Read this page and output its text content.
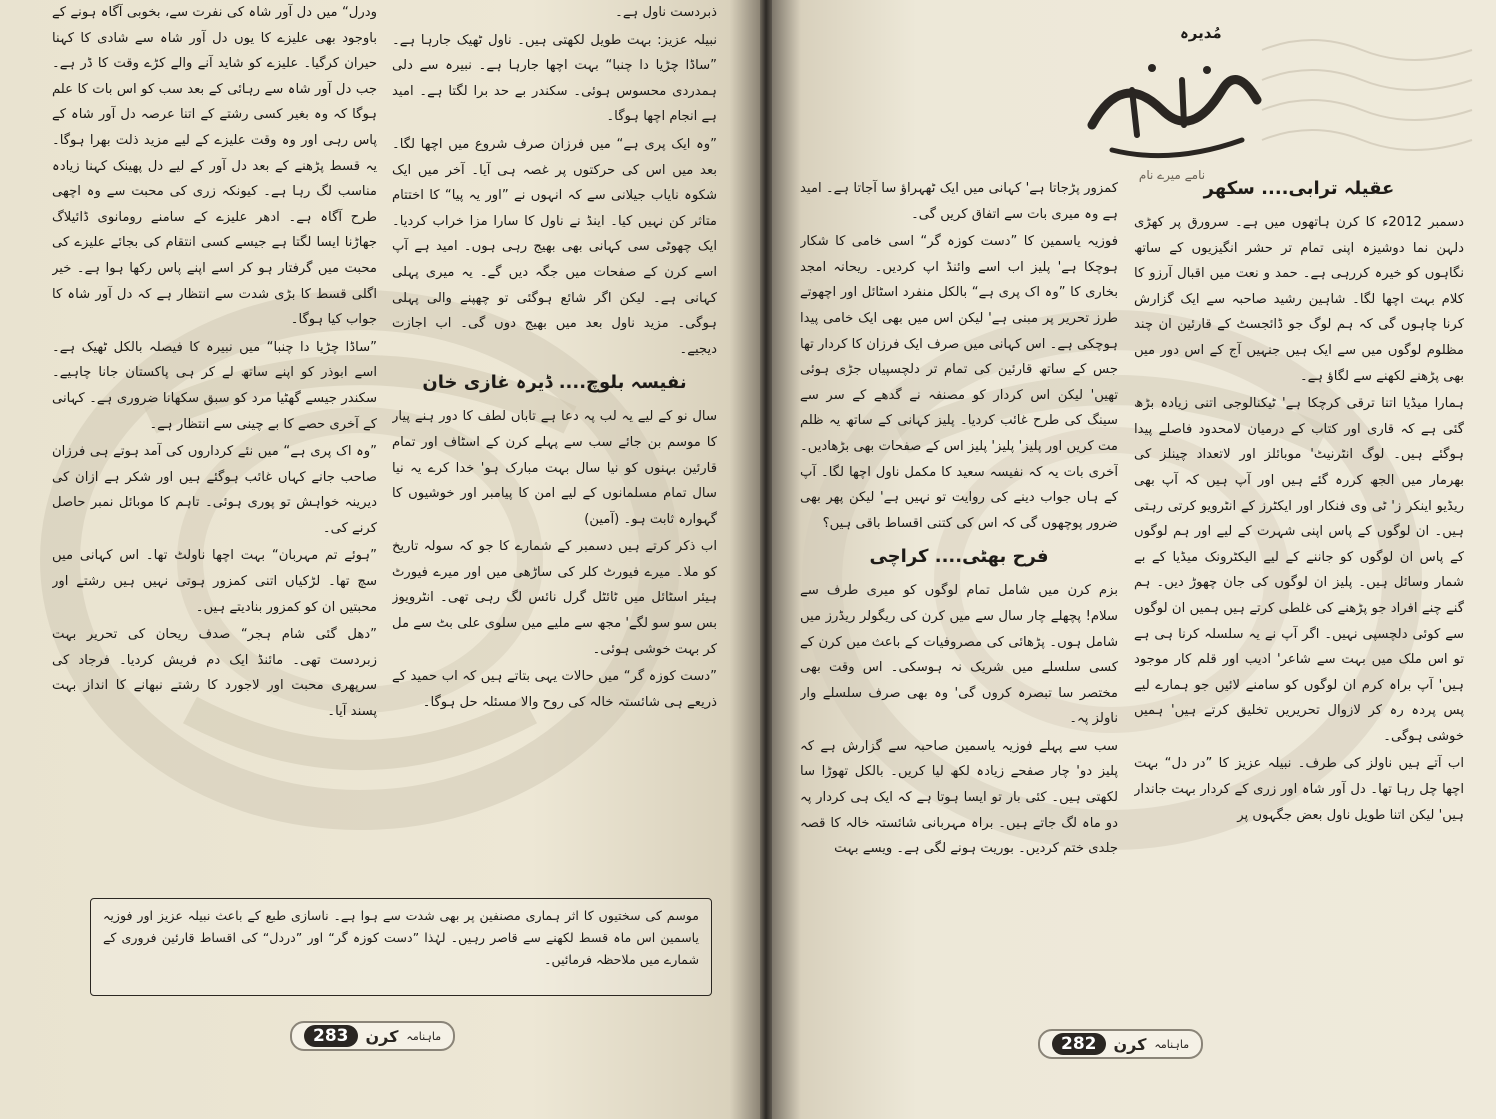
ذبردست ناول ہے۔

نبیلہ عزیز: بہت طویل لکھتی ہیں۔ ناول ٹھیک جارہا ہے۔ ”ساڈا چڑیا دا چنبا“ بہت اچھا جارہا ہے۔ نبیرہ سے دلی ہمدردی محسوس ہوئی۔ سکندر بے حد برا لگتا ہے۔ امید ہے انجام اچھا ہوگا۔

”وہ ایک پری ہے“ میں فرزان صرف شروع میں اچھا لگا۔ بعد میں اس کی حرکتوں پر غصہ ہی آیا۔ آخر میں ایک شکوہ نایاب جیلانی سے کہ انہوں نے ”اور یہ پیا“ کا اختتام متاثر کن نہیں کیا۔ اینڈ نے ناول کا سارا مزا خراب کردیا۔ ایک چھوٹی سی کہانی بھی بھیج رہی ہوں۔ امید ہے آپ اسے کرن کے صفحات میں جگہ دیں گے۔ یہ میری پہلی کہانی ہے۔ لیکن اگر شائع ہوگئی تو چھپنے والی پہلی ہوگی۔ مزید ناول بعد میں بھیج دوں گی۔ اب اجازت دیجیے۔

نفیسہ بلوچ.... ڈیرہ غازی خان

سال نو کے لیے یہ لب پہ دعا ہے تاباں لطف کا دور ہنے پیار کا موسم بن جائے سب سے پہلے کرن کے اسٹاف اور تمام قارئین بہنوں کو نیا سال بہت مبارک ہو' خدا کرے یہ نیا سال تمام مسلمانوں کے لیے امن کا پیامبر اور خوشیوں کا گہوارہ ثابت ہو۔ (آمین)

اب ذکر کرتے ہیں دسمبر کے شمارے کا جو کہ سولہ تاریخ کو ملا۔ میرے فیورٹ کلر کی ساڑھی میں اور میرے فیورٹ ہیئر اسٹائل میں ٹائٹل گرل نائس لگ رہی تھی۔ انٹرویوز بس سو سو لگے' مجھ سے ملیے میں سلوی علی بٹ سے مل کر بہت خوشی ہوئی۔

”دست کوزہ گر“ میں حالات یہی بتاتے ہیں کہ اب حمید کے ذریعے ہی شائستہ خالہ کی روح والا مسئلہ حل ہوگا۔

ودرل“ میں دل آور شاہ کی نفرت سے، بخوبی آگاہ ہونے کے باوجود بھی علیزے کا یوں دل آور شاہ سے شادی کا کہنا حیران کرگیا۔ علیزے کو شاید آنے والے کڑے وقت کا ڈر ہے۔ جب دل آور شاہ سے رہائی کے بعد سب کو اس بات کا علم ہوگا کہ وہ بغیر کسی رشتے کے اتنا عرصہ دل آور شاہ کے پاس رہی اور وہ وقت علیزے کے لیے مزید ذلت بھرا ہوگا۔ یہ قسط پڑھنے کے بعد دل آور کے لیے دل پھینک کہنا زیادہ مناسب لگ رہا ہے۔ کیونکہ زری کی محبت سے وہ اچھی طرح آگاہ ہے۔ ادھر علیزے کے سامنے رومانوی ڈائیلاگ جھاڑنا ایسا لگتا ہے جیسے کسی انتقام کی بجائے علیزے کی محبت میں گرفتار ہو کر اسے اپنے پاس رکھا ہوا ہے۔ خیر اگلی قسط کا بڑی شدت سے انتظار ہے کہ دل آور شاہ کا جواب کیا ہوگا۔

”ساڈا چڑیا دا چنبا“ میں نبیرہ کا فیصلہ بالکل ٹھیک ہے۔ اسے ابوذر کو اپنے ساتھ لے کر ہی پاکستان جانا چاہیے۔ سکندر جیسے گھٹیا مرد کو سبق سکھانا ضروری ہے۔ کہانی کے آخری حصے کا بے چینی سے انتظار ہے۔

”وہ اک پری ہے“ میں نئے کرداروں کی آمد ہوتے ہی فرزان صاحب جانے کہاں غائب ہوگئے ہیں اور شکر ہے ازان کی دیرینہ خواہش تو پوری ہوئی۔ تاہم کا موبائل نمبر حاصل کرنے کی۔

”ہوئے تم مہربان“ بہت اچھا ناولٹ تھا۔ اس کہانی میں سچ تھا۔ لڑکیاں اتنی کمزور ہوتی نہیں ہیں رشتے اور محبتیں ان کو کمزور بنادیتے ہیں۔

”دھل گئی شام ہجر“ صدف ریحان کی تحریر بہت زبردست تھی۔ مائنڈ ایک دم فریش کردیا۔ فرجاد کی سرپھری محبت اور لاجورد کا رشتے نبھانے کا انداز بہت پسند آیا۔

موسم کی سختیوں کا اثر ہماری مصنفین پر بھی شدت سے ہوا ہے۔ ناسازی طبع کے باعث نبیلہ عزیز اور فوزیہ یاسمین اس ماہ قسط لکھنے سے قاصر رہیں۔ لہٰذا ”دست کوزہ گر“ اور ”دردل“ کی اقساط قارئین فروری کے شمارے میں ملاحظہ فرمائیں۔
ماہنامہ
کرن
283
مُدیرہ
نامے میرے نام
عقیلہ ترابی.... سکھر

دسمبر 2012ء کا کرن ہاتھوں میں ہے۔ سرورق پر کھڑی دلہن نما دوشیزہ اپنی تمام تر حشر انگیزیوں کے ساتھ نگاہوں کو خیرہ کررہی ہے۔ حمد و نعت میں اقبال آرزو کا کلام بہت اچھا لگا۔ شاہین رشید صاحبہ سے ایک گزارش کرنا چاہوں گی کہ ہم لوگ جو ڈائجسٹ کے قارئین ان چند مظلوم لوگوں میں سے ایک ہیں جنہیں آج کے اس دور میں بھی پڑھنے لکھنے سے لگاؤ ہے۔

ہمارا میڈیا اتنا ترقی کرچکا ہے' ٹیکنالوجی اتنی زیادہ بڑھ گئی ہے کہ قاری اور کتاب کے درمیان لامحدود فاصلے پیدا ہوگئے ہیں۔ لوگ انٹرنیٹ' موبائلز اور لاتعداد چینلز کی بھرمار میں الجھ کررہ گئے ہیں اور آپ ہیں کہ آپ بھی ریڈیو اینکر ز' ٹی وی فنکار اور ایکٹرز کے انٹرویو کرتی رہتی ہیں۔ ان لوگوں کے پاس اپنی شہرت کے لیے اور ہم لوگوں کے پاس ان لوگوں کو جاننے کے لیے الیکٹرونک میڈیا کے بے شمار وسائل ہیں۔ پلیز ان لوگوں کی جان چھوڑ دیں۔ ہم گنے چنے افراد جو پڑھنے کی غلطی کرتے ہیں ہمیں ان لوگوں سے کوئی دلچسپی نہیں۔ اگر آپ نے یہ سلسلہ کرنا ہی ہے تو اس ملک میں بہت سے شاعر' ادیب اور قلم کار موجود ہیں' آپ براہ کرم ان لوگوں کو سامنے لائیں جو ہمارے لیے پس پردہ رہ کر لازوال تحریریں تخلیق کرتے ہیں' ہمیں خوشی ہوگی۔

اب آتے ہیں ناولز کی طرف۔ نبیلہ عزیز کا ”در دل“ بہت اچھا چل رہا تھا۔ دل آور شاہ اور زری کے کردار بہت جاندار ہیں' لیکن اتنا طویل ناول بعض جگہوں پر

کمزور پڑجاتا ہے' کہانی میں ایک ٹھہراؤ سا آجاتا ہے۔ امید ہے وہ میری بات سے اتفاق کریں گی۔

فوزیہ یاسمین کا ”دست کوزہ گر“ اسی خامی کا شکار ہوچکا ہے' پلیز اب اسے وائنڈ اپ کردیں۔ ریحانہ امجد بخاری کا ”وہ اک پری ہے“ بالکل منفرد اسٹائل اور اچھوتے طرز تحریر پر مبنی ہے' لیکن اس میں بھی ایک خامی پیدا ہوچکی ہے۔ اس کہانی میں صرف ایک فرزان کا کردار تھا جس کے ساتھ قارئین کی تمام تر دلچسپیاں جڑی ہوئی تھیں' لیکن اس کردار کو مصنفہ نے گدھے کے سر سے سینگ کی طرح غائب کردیا۔ پلیز کہانی کے ساتھ یہ ظلم مت کریں اور پلیز' پلیز' پلیز اس کے صفحات بھی بڑھادیں۔ آخری بات یہ کہ نفیسہ سعید کا مکمل ناول اچھا لگا۔ آپ کے ہاں جواب دینے کی روایت تو نہیں ہے' لیکن پھر بھی ضرور پوچھوں گی کہ اس کی کتنی اقساط باقی ہیں؟

فرح بھٹی.... کراچی

بزم کرن میں شامل تمام لوگوں کو میری طرف سے سلام! پچھلے چار سال سے میں کرن کی ریگولر ریڈرز میں شامل ہوں۔ پڑھائی کی مصروفیات کے باعث میں کرن کے کسی سلسلے میں شریک نہ ہوسکی۔ اس وقت بھی مختصر سا تبصرہ کروں گی' وہ بھی صرف سلسلے وار ناولز پہ۔

سب سے پہلے فوزیہ یاسمین صاحبہ سے گزارش ہے کہ پلیز دو' چار صفحے زیادہ لکھ لیا کریں۔ بالکل تھوڑا سا لکھتی ہیں۔ کئی بار تو ایسا ہوتا ہے کہ ایک ہی کردار پہ دو ماہ لگ جاتے ہیں۔ براہ مہربانی شائستہ خالہ کا قصہ جلدی ختم کردیں۔ بوریت ہونے لگی ہے۔ ویسے بہت

ماہنامہ
کرن
282
